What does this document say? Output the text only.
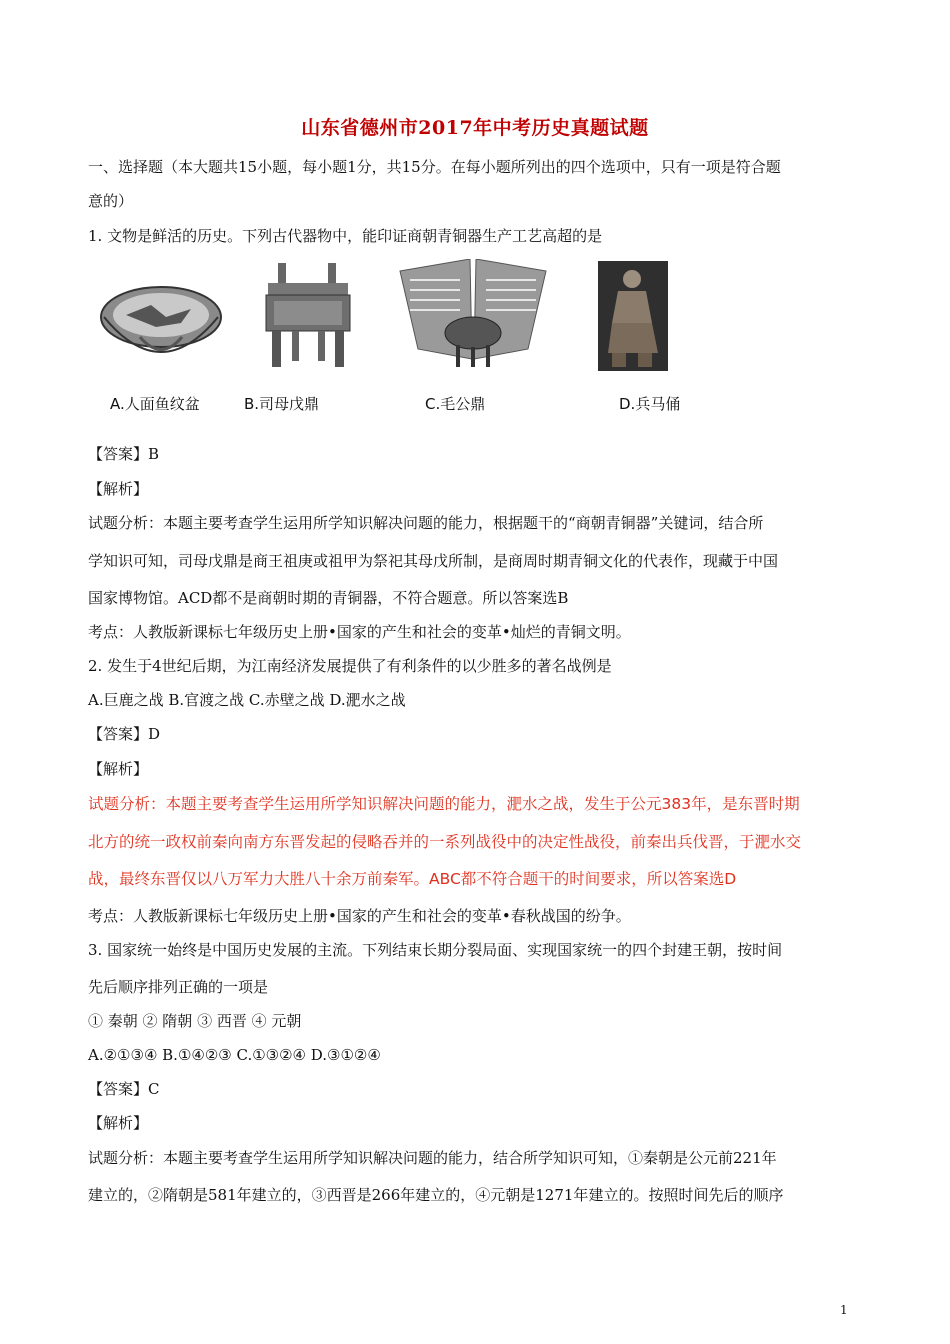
山东省德州市2017年中考历史真题试题
一、选择题（本大题共15小题，每小题1分，共15分。在每小题所列出的四个选项中，只有一项是符合题
意的）
1. 文物是鲜活的历史。下列古代器物中，能印证商朝青铜器生产工艺高超的是
A.人面鱼纹盆	B.司母戊鼎	C.毛公鼎	D.兵马俑
【答案】B
【解析】
试题分析：本题主要考查学生运用所学知识解决问题的能力，根据题干的“商朝青铜器”关键词，结合所
学知识可知，司母戊鼎是商王祖庚或祖甲为祭祀其母戊所制，是商周时期青铜文化的代表作，现藏于中国
国家博物馆。ACD都不是商朝时期的青铜器，不符合题意。所以答案选B
考点：人教版新课标七年级历史上册•国家的产生和社会的变革•灿烂的青铜文明。
2. 发生于4世纪后期，为江南经济发展提供了有利条件的以少胜多的著名战例是
A.巨鹿之战 B.官渡之战 C.赤壁之战 D.淝水之战
【答案】D
【解析】
试题分析：本题主要考查学生运用所学知识解决问题的能力，淝水之战，发生于公元383年，是东晋时期
北方的统一政权前秦向南方东晋发起的侵略吞并的一系列战役中的决定性战役，前秦出兵伐晋，于淝水交
战，最终东晋仅以八万军力大胜八十余万前秦军。ABC都不符合题干的时间要求，所以答案选D
考点：人教版新课标七年级历史上册•国家的产生和社会的变革•春秋战国的纷争。
3. 国家统一始终是中国历史发展的主流。下列结束长期分裂局面、实现国家统一的四个封建王朝，按时间
先后顺序排列正确的一项是
① 秦朝 ② 隋朝 ③ 西晋 ④ 元朝
A.②①③④ B.①④②③ C.①③②④ D.③①②④
【答案】C
【解析】
试题分析：本题主要考查学生运用所学知识解决问题的能力，结合所学知识可知，①秦朝是公元前221年
建立的，②隋朝是581年建立的，③西晋是266年建立的，④元朝是1271年建立的。按照时间先后的顺序
1
